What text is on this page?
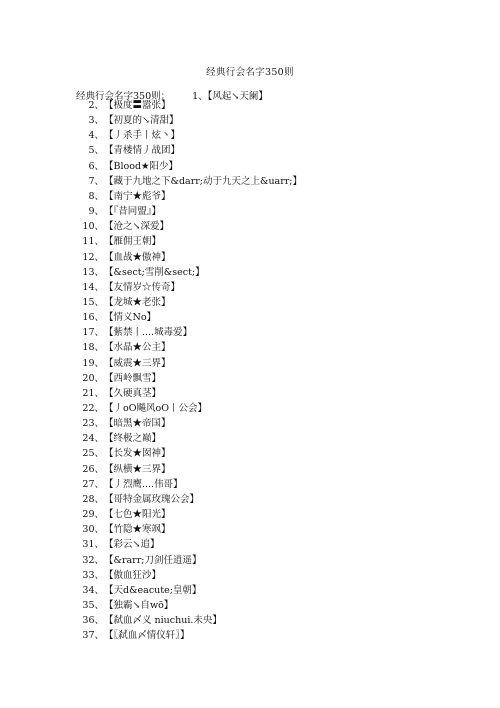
经典行会名字350则
经典行会名字350则： 1、【风起↘天阑】
2、【极度〓嚣张】
3、【初夏的↘清甜】
4、【丿杀手丨炫丶】
5、【青楼情丿战团】
6、【Blood★阳少】
7、【藏于九地之下&darr;动于九天之上&uarr;】
8、【南宁★彪爷】
9、【『昔同盟』】
10、【沧之↘深爱】
11、【雁佣王朝】
12、【血战★傲神】
13、【&sect;雪削&sect;】
14、【友情岁☆传奇】
15、【龙城★老张】
16、【情义No】
17、【紫禁丨....城毒爱】
18、【水晶★公主】
19、【威震★三界】
20、【西岭飘雪】
21、【久硬真茎】
22、【丿oO飚风oO丨公会】
23、【暗黑★帝国】
24、【终极之巅】
25、【长发★囡神】
26、【纵横★三界】
27、【丿烈鹰....伟哥】
28、【哥特金属玫瑰公会】
29、【七色★阳光】
30、【竹隐★寒飒】
31、【彩云↘追】
32、【&rarr;刀剑任逍遥】
33、【傲血狂沙】
34、【天d&eacute;皇朝】
35、【独霸↘自wō】
36、【弑血〆义 niuchui.未央】
37、【〖弑血〆情仪轩〗】
